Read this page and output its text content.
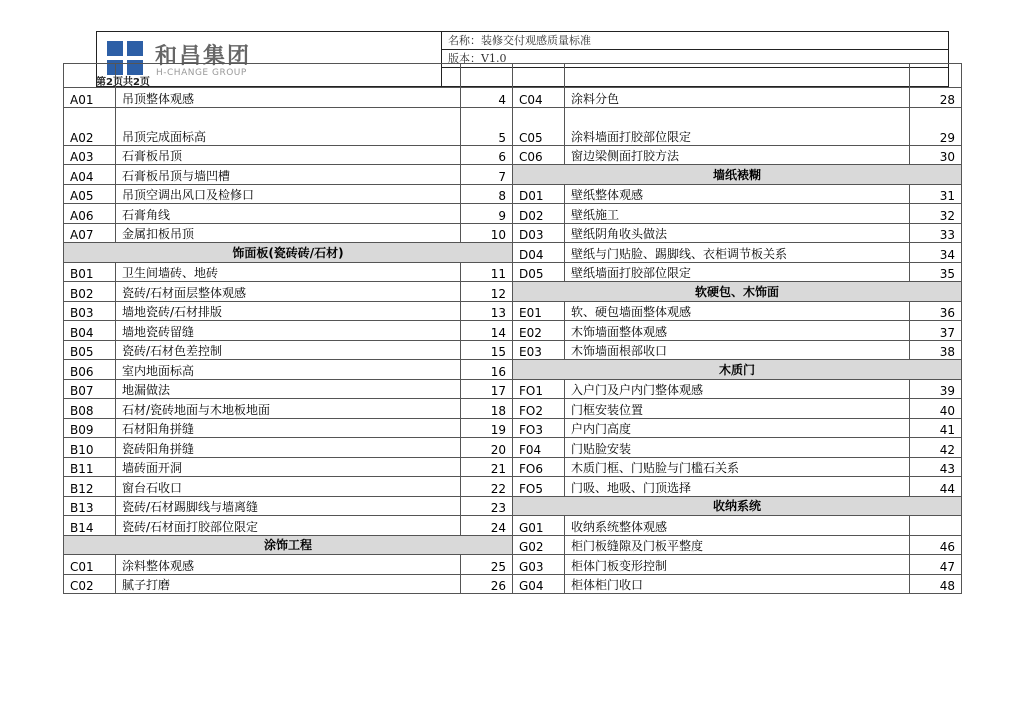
和昌集团
H-CHANGE GROUP
名称：装修交付观感质量标准
版本：V1.0

A01	吊顶整体观感	4	C04	涂料分色	28
A02	吊顶完成面标高	5	C05	涂料墙面打胶部位限定	29
A03	石膏板吊顶	6	C06	窗边梁侧面打胶方法	30
A04	石膏板吊顶与墙凹槽	7	墙纸裱糊		
A05	吊顶空调出风口及检修口	8	D01	壁纸整体观感	31
A06	石膏角线	9	D02	壁纸施工	32
A07	金属扣板吊顶	10	D03	壁纸阴角收头做法	33
饰面板(瓷砖砖/石材)			D04	壁纸与门贴脸、踢脚线、衣柜调节板关系	34
B01	卫生间墙砖、地砖	11	D05	壁纸墙面打胶部位限定	35
B02	瓷砖/石材面层整体观感	12	软硬包、木饰面		
B03	墙地瓷砖/石材排版	13	E01	软、硬包墙面整体观感	36
B04	墙地瓷砖留缝	14	E02	木饰墙面整体观感	37
B05	瓷砖/石材色差控制	15	E03	木饰墙面根部收口	38
B06	室内地面标高	16	木质门		
B07	地漏做法	17	FO1	入户门及户内门整体观感	39
B08	石材/瓷砖地面与木地板地面	18	FO2	门框安装位置	40
B09	石材阳角拼缝	19	FO3	户内门高度	41
B10	瓷砖阳角拼缝	20	F04	门贴脸安装	42
B11	墙砖面开洞	21	FO6	木质门框、门贴脸与门槛石关系	43
B12	窗台石收口	22	FO5	门吸、地吸、门顶选择	44
B13	瓷砖/石材踢脚线与墙离缝	23	收纳系统		
B14	瓷砖/石材面打胶部位限定	24	G01	收纳系统整体观感	
涂饰工程			G02	柜门板缝隙及门板平整度	46
C01	涂料整体观感	25	G03	柜体门板变形控制	47
C02	腻子打磨	26	G04	柜体柜门收口	48
第2页共2页
